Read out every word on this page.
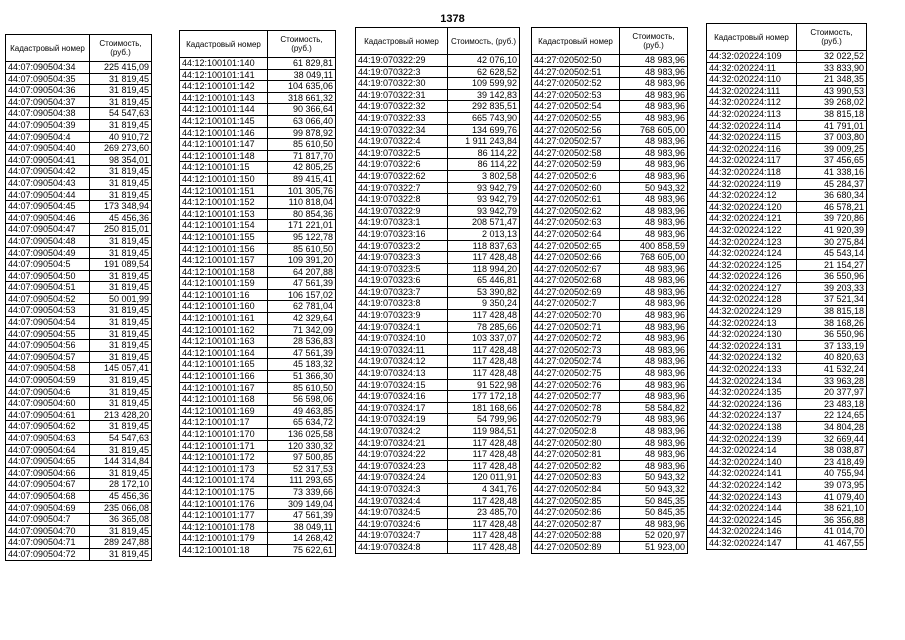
1378
Кадастровый номер	Стоимость, (руб.)
44:07:090504:34	225 415,09
44:07:090504:35	31 819,45
44:07:090504:36	31 819,45
44:07:090504:37	31 819,45
44:07:090504:38	54 547,63
44:07:090504:39	31 819,45
44:07:090504:4	40 910,72
44:07:090504:40	269 273,60
44:07:090504:41	98 354,01
44:07:090504:42	31 819,45
44:07:090504:43	31 819,45
44:07:090504:44	31 819,45
44:07:090504:45	173 348,94
44:07:090504:46	45 456,36
44:07:090504:47	250 815,01
44:07:090504:48	31 819,45
44:07:090504:49	31 819,45
44:07:090504:5	191 089,54
44:07:090504:50	31 819,45
44:07:090504:51	31 819,45
44:07:090504:52	50 001,99
44:07:090504:53	31 819,45
44:07:090504:54	31 819,45
44:07:090504:55	31 819,45
44:07:090504:56	31 819,45
44:07:090504:57	31 819,45
44:07:090504:58	145 057,41
44:07:090504:59	31 819,45
44:07:090504:6	31 819,45
44:07:090504:60	31 819,45
44:07:090504:61	213 428,20
44:07:090504:62	31 819,45
44:07:090504:63	54 547,63
44:07:090504:64	31 819,45
44:07:090504:65	144 314,84
44:07:090504:66	31 819,45
44:07:090504:67	28 172,10
44:07:090504:68	45 456,36
44:07:090504:69	235 066,08
44:07:090504:7	36 365,08
44:07:090504:70	31 819,45
44:07:090504:71	289 247,88
44:07:090504:72	31 819,45
Кадастровый номер	Стоимость, (руб.)
44:12:100101:140	61 829,81
44:12:100101:141	38 049,11
44:12:100101:142	104 635,06
44:12:100101:143	318 661,32
44:12:100101:144	90 366,64
44:12:100101:145	63 066,40
44:12:100101:146	99 878,92
44:12:100101:147	85 610,50
44:12:100101:148	71 817,70
44:12:100101:15	42 805,25
44:12:100101:150	89 415,41
44:12:100101:151	101 305,76
44:12:100101:152	110 818,04
44:12:100101:153	80 854,36
44:12:100101:154	171 221,01
44:12:100101:155	95 122,78
44:12:100101:156	85 610,50
44:12:100101:157	109 391,20
44:12:100101:158	64 207,88
44:12:100101:159	47 561,39
44:12:100101:16	106 157,02
44:12:100101:160	62 781,04
44:12:100101:161	42 329,64
44:12:100101:162	71 342,09
44:12:100101:163	28 536,83
44:12:100101:164	47 561,39
44:12:100101:165	45 183,32
44:12:100101:166	51 366,30
44:12:100101:167	85 610,50
44:12:100101:168	56 598,06
44:12:100101:169	49 463,85
44:12:100101:17	65 634,72
44:12:100101:170	136 025,58
44:12:100101:171	120 330,32
44:12:100101:172	97 500,85
44:12:100101:173	52 317,53
44:12:100101:174	111 293,65
44:12:100101:175	73 339,66
44:12:100101:176	309 149,04
44:12:100101:177	47 561,39
44:12:100101:178	38 049,11
44:12:100101:179	14 268,42
44:12:100101:18	75 622,61
Кадастровый номер	Стоимость, (руб.)
44:19:070322:29	42 076,10
44:19:070322:3	62 628,52
44:19:070322:30	109 599,92
44:19:070322:31	39 142,83
44:19:070322:32	292 835,51
44:19:070322:33	665 743,90
44:19:070322:34	134 699,76
44:19:070322:4	1 911 243,84
44:19:070322:5	86 114,22
44:19:070322:6	86 114,22
44:19:070322:62	3 802,58
44:19:070322:7	93 942,79
44:19:070322:8	93 942,79
44:19:070322:9	93 942,79
44:19:070323:1	208 571,47
44:19:070323:16	2 013,13
44:19:070323:2	118 837,63
44:19:070323:3	117 428,48
44:19:070323:5	118 994,20
44:19:070323:6	65 446,81
44:19:070323:7	53 390,82
44:19:070323:8	9 350,24
44:19:070323:9	117 428,48
44:19:070324:1	78 285,66
44:19:070324:10	103 337,07
44:19:070324:11	117 428,48
44:19:070324:12	117 428,48
44:19:070324:13	117 428,48
44:19:070324:15	91 522,98
44:19:070324:16	177 172,18
44:19:070324:17	181 168,66
44:19:070324:19	54 799,96
44:19:070324:2	119 984,51
44:19:070324:21	117 428,48
44:19:070324:22	117 428,48
44:19:070324:23	117 428,48
44:19:070324:24	120 011,91
44:19:070324:3	4 341,76
44:19:070324:4	117 428,48
44:19:070324:5	23 485,70
44:19:070324:6	117 428,48
44:19:070324:7	117 428,48
44:19:070324:8	117 428,48
Кадастровый номер	Стоимость, (руб.)
44:27:020502:50	48 983,96
44:27:020502:51	48 983,96
44:27:020502:52	48 983,96
44:27:020502:53	48 983,96
44:27:020502:54	48 983,96
44:27:020502:55	48 983,96
44:27:020502:56	768 605,00
44:27:020502:57	48 983,96
44:27:020502:58	48 983,96
44:27:020502:59	48 983,96
44:27:020502:6	48 983,96
44:27:020502:60	50 943,32
44:27:020502:61	48 983,96
44:27:020502:62	48 983,96
44:27:020502:63	48 983,96
44:27:020502:64	48 983,96
44:27:020502:65	400 858,59
44:27:020502:66	768 605,00
44:27:020502:67	48 983,96
44:27:020502:68	48 983,96
44:27:020502:69	48 983,96
44:27:020502:7	48 983,96
44:27:020502:70	48 983,96
44:27:020502:71	48 983,96
44:27:020502:72	48 983,96
44:27:020502:73	48 983,96
44:27:020502:74	48 983,96
44:27:020502:75	48 983,96
44:27:020502:76	48 983,96
44:27:020502:77	48 983,96
44:27:020502:78	58 584,82
44:27:020502:79	48 983,96
44:27:020502:8	48 983,96
44:27:020502:80	48 983,96
44:27:020502:81	48 983,96
44:27:020502:82	48 983,96
44:27:020502:83	50 943,32
44:27:020502:84	50 943,32
44:27:020502:85	50 845,35
44:27:020502:86	50 845,35
44:27:020502:87	48 983,96
44:27:020502:88	52 020,97
44:27:020502:89	51 923,00
Кадастровый номер	Стоимость, (руб.)
44:32:020224:109	32 022,52
44:32:020224:11	33 833,90
44:32:020224:110	21 348,35
44:32:020224:111	43 990,53
44:32:020224:112	39 268,02
44:32:020224:113	38 815,18
44:32:020224:114	41 791,01
44:32:020224:115	37 003,80
44:32:020224:116	39 009,25
44:32:020224:117	37 456,65
44:32:020224:118	41 338,16
44:32:020224:119	45 284,37
44:32:020224:12	36 680,34
44:32:020224:120	46 578,21
44:32:020224:121	39 720,86
44:32:020224:122	41 920,39
44:32:020224:123	30 275,84
44:32:020224:124	45 543,14
44:32:020224:125	21 154,27
44:32:020224:126	36 550,96
44:32:020224:127	39 203,33
44:32:020224:128	37 521,34
44:32:020224:129	38 815,18
44:32:020224:13	38 168,26
44:32:020224:130	36 550,96
44:32:020224:131	37 133,19
44:32:020224:132	40 820,63
44:32:020224:133	41 532,24
44:32:020224:134	33 963,28
44:32:020224:135	20 377,97
44:32:020224:136	23 483,18
44:32:020224:137	22 124,65
44:32:020224:138	34 804,28
44:32:020224:139	32 669,44
44:32:020224:14	38 038,87
44:32:020224:140	23 418,49
44:32:020224:141	40 755,94
44:32:020224:142	39 073,95
44:32:020224:143	41 079,40
44:32:020224:144	38 621,10
44:32:020224:145	36 356,88
44:32:020224:146	41 014,70
44:32:020224:147	41 467,55
